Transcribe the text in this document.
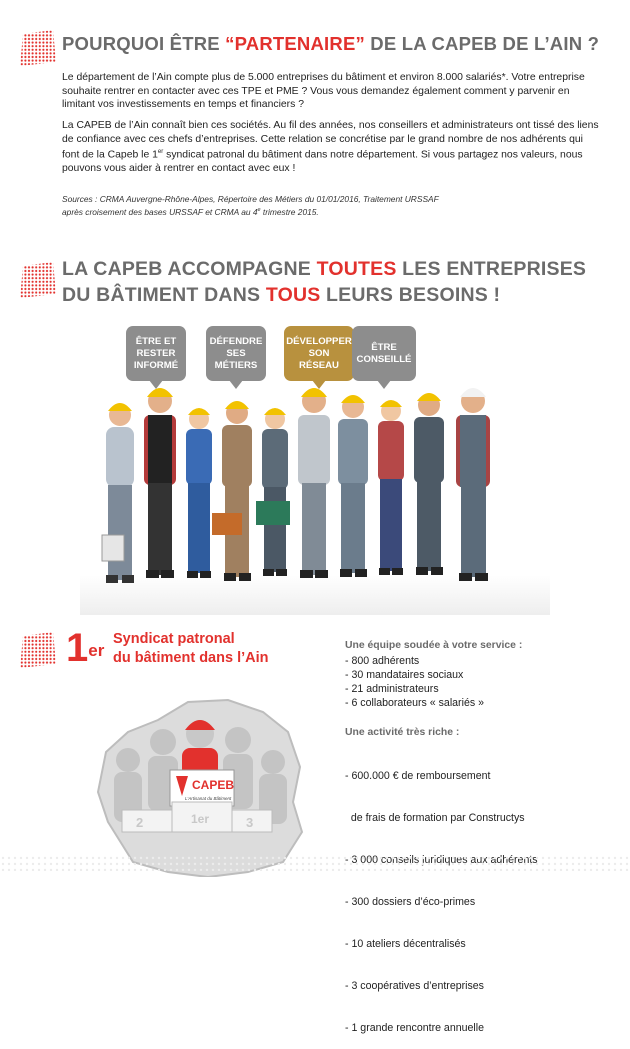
POURQUOI ÊTRE “PARTENAIRE” DE LA CAPEB DE L’AIN ?

Le département de l’Ain compte plus de 5.000 entreprises du bâtiment et environ 8.000 salariés*. Votre entreprise souhaite rentrer en contacter avec ces TPE et PME ? Vous vous demandez également comment y parvenir en limitant vos investissements en temps et financiers ?

La CAPEB de l’Ain connaît bien ces sociétés. Au fil des années, nos conseillers et administrateurs ont tissé des liens de confiance avec ces chefs d’entreprises. Cette relation se concrétise par le grand nombre de nos adhérents qui font de la Capeb le 1er syndicat patronal du bâtiment dans notre département. Si vous partagez nos valeurs, nous pouvons vous aider à rentrer en contact avec eux !

Sources : CRMA Auvergne-Rhône-Alpes, Répertoire des Métiers du 01/01/2016, Traitement URSSAF
après croisement des bases URSSAF et CRMA au 4e trimestre 2015.

LA CAPEB ACCOMPAGNE TOUTES LES ENTREPRISES
DU BÂTIMENT DANS TOUS LEURS BESOINS !
ÊTRE ET
RESTER
INFORMÉ
DÉFENDRE
SES
MÉTIERS
DÉVELOPPER
SON
RÉSEAU
ÊTRE
CONSEILLÉ
1er
Syndicat patronal
du bâtiment dans l’Ain
Une équipe soudée à votre service :
- 800 adhérents
- 30 mandataires sociaux
- 21 administrateurs
- 6 collaborateurs « salariés »
Une activité très riche :

- 600.000 € de remboursement

de frais de formation par Constructys

- 300 dossiers d’éco-primes

- 10 ateliers décentralisés

- 3 coopératives d’entreprises

- 1 grande rencontre annuelle

CAPEB
L’Artisanat du Bâtiment
2	1er	3
